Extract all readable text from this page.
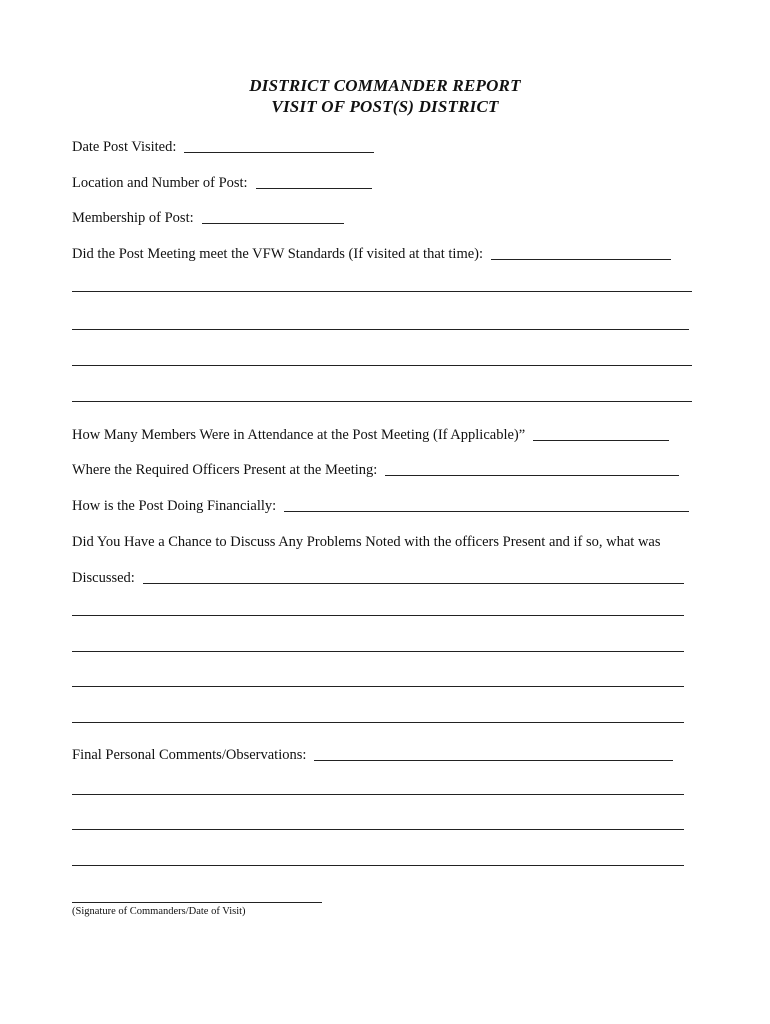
DISTRICT COMMANDER REPORT
VISIT OF POST(S) DISTRICT
Date Post Visited:
Location and Number of Post:
Membership of Post:
Did the Post Meeting meet the VFW Standards (If visited at that time):
How Many Members Were in Attendance at the Post Meeting (If Applicable)”
Where the Required Officers Present at the Meeting:
How is the Post Doing Financially:
Did You Have a Chance to Discuss Any Problems Noted with the officers Present and if so, what was
Discussed:
Final Personal Comments/Observations:
(Signature of Commanders/Date of Visit)
